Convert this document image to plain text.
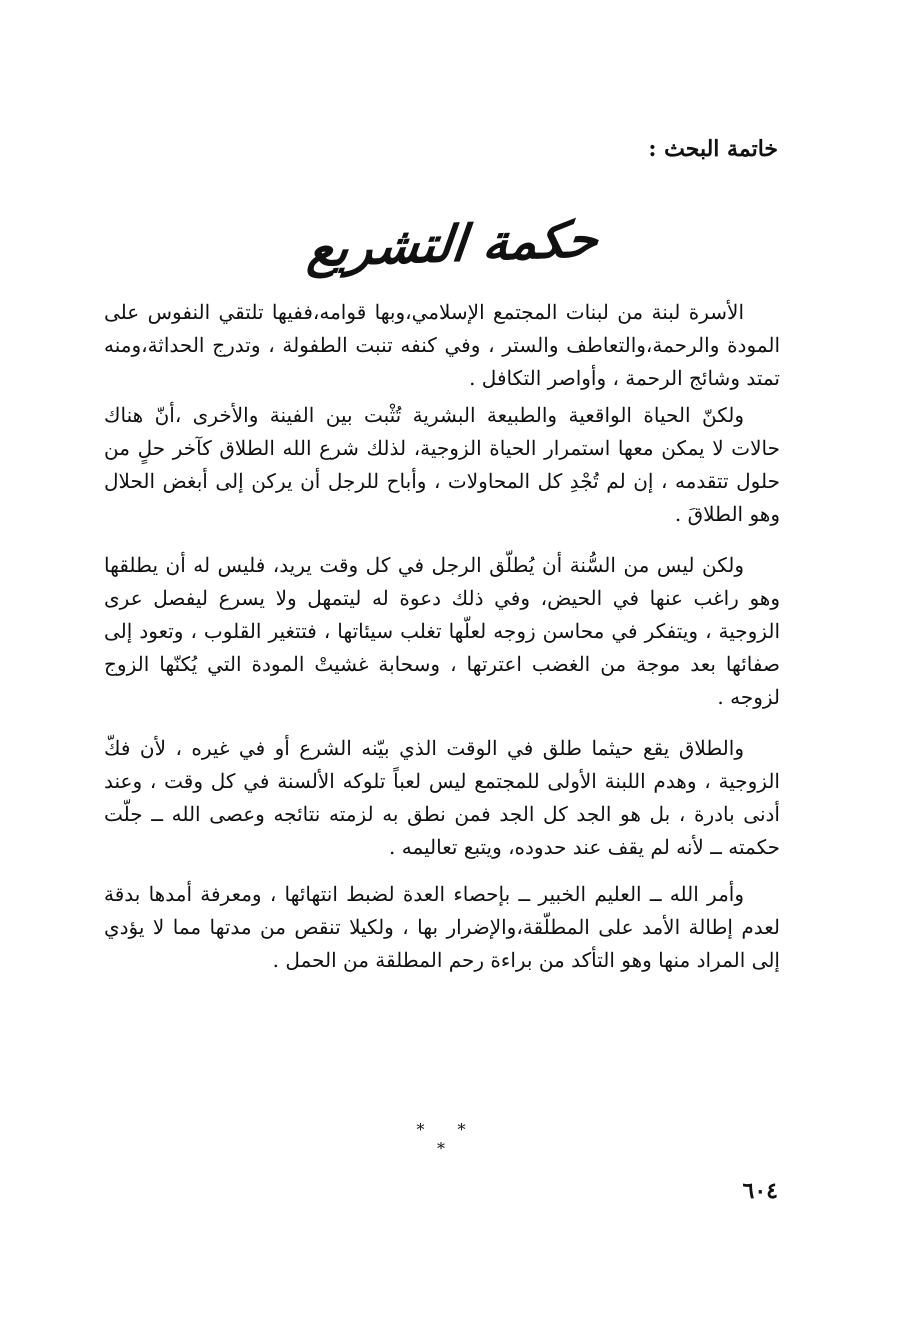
خاتمة البحث :
حكمة التشريع

الأسرة لبنة من لبنات المجتمع الإسلامي،وبها قوامه،ففيها تلتقي النفوس على المودة والرحمة،والتعاطف والستر ، وفي كنفه تنبت الطفولة ، وتدرج الحداثة،ومنه تمتد وشائج الرحمة ، وأواصر التكافل .

ولكنّ الحياة الواقعية والطبيعة البشرية تُثْبت بين الفينة والأخرى ،أنّ هناك حالات لا يمكن معها استمرار الحياة الزوجية، لذلك شرع الله الطلاق كآخر حلٍ من حلول تتقدمه ، إن لم تُجْدِ كل المحاولات ، وأباح للرجل أن يركن إلى أبغض الحلال وهو الطلاقَ .

ولكن ليس من السُّنة أن يُطلّق الرجل في كل وقت يريد، فليس له أن يطلقها وهو راغب عنها في الحيض، وفي ذلك دعوة له ليتمهل ولا يسرع ليفصل عرى الزوجية ، ويتفكر في محاسن زوجه لعلّها تغلب سيئاتها ، فتتغير القلوب ، وتعود إلى صفائها بعد موجة من الغضب اعترتها ، وسحابة غشيتْ المودة التي يُكنّها الزوج لزوجه .

والطلاق يقع حيثما طلق في الوقت الذي بيّنه الشرع أو في غيره ، لأن فكّ الزوجية ، وهدم اللبنة الأولى للمجتمع ليس لعباً تلوكه الألسنة في كل وقت ، وعند أدنى بادرة ، بل هو الجد كل الجد فمن نطق به لزمته نتائجه وعصى الله ــ جلّت حكمته ــ لأنه لم يقف عند حدوده، ويتبع تعاليمه .

وأمر الله ــ العليم الخبير ــ بإحصاء العدة لضبط انتهائها ، ومعرفة أمدها بدقة لعدم إطالة الأمد على المطلّقة،والإضرار بها ، ولكيلا تنقص من مدتها مما لا يؤدي إلى المراد منها وهو التأكد من براءة رحم المطلقة من الحمل .

* * *
٦٠٤
